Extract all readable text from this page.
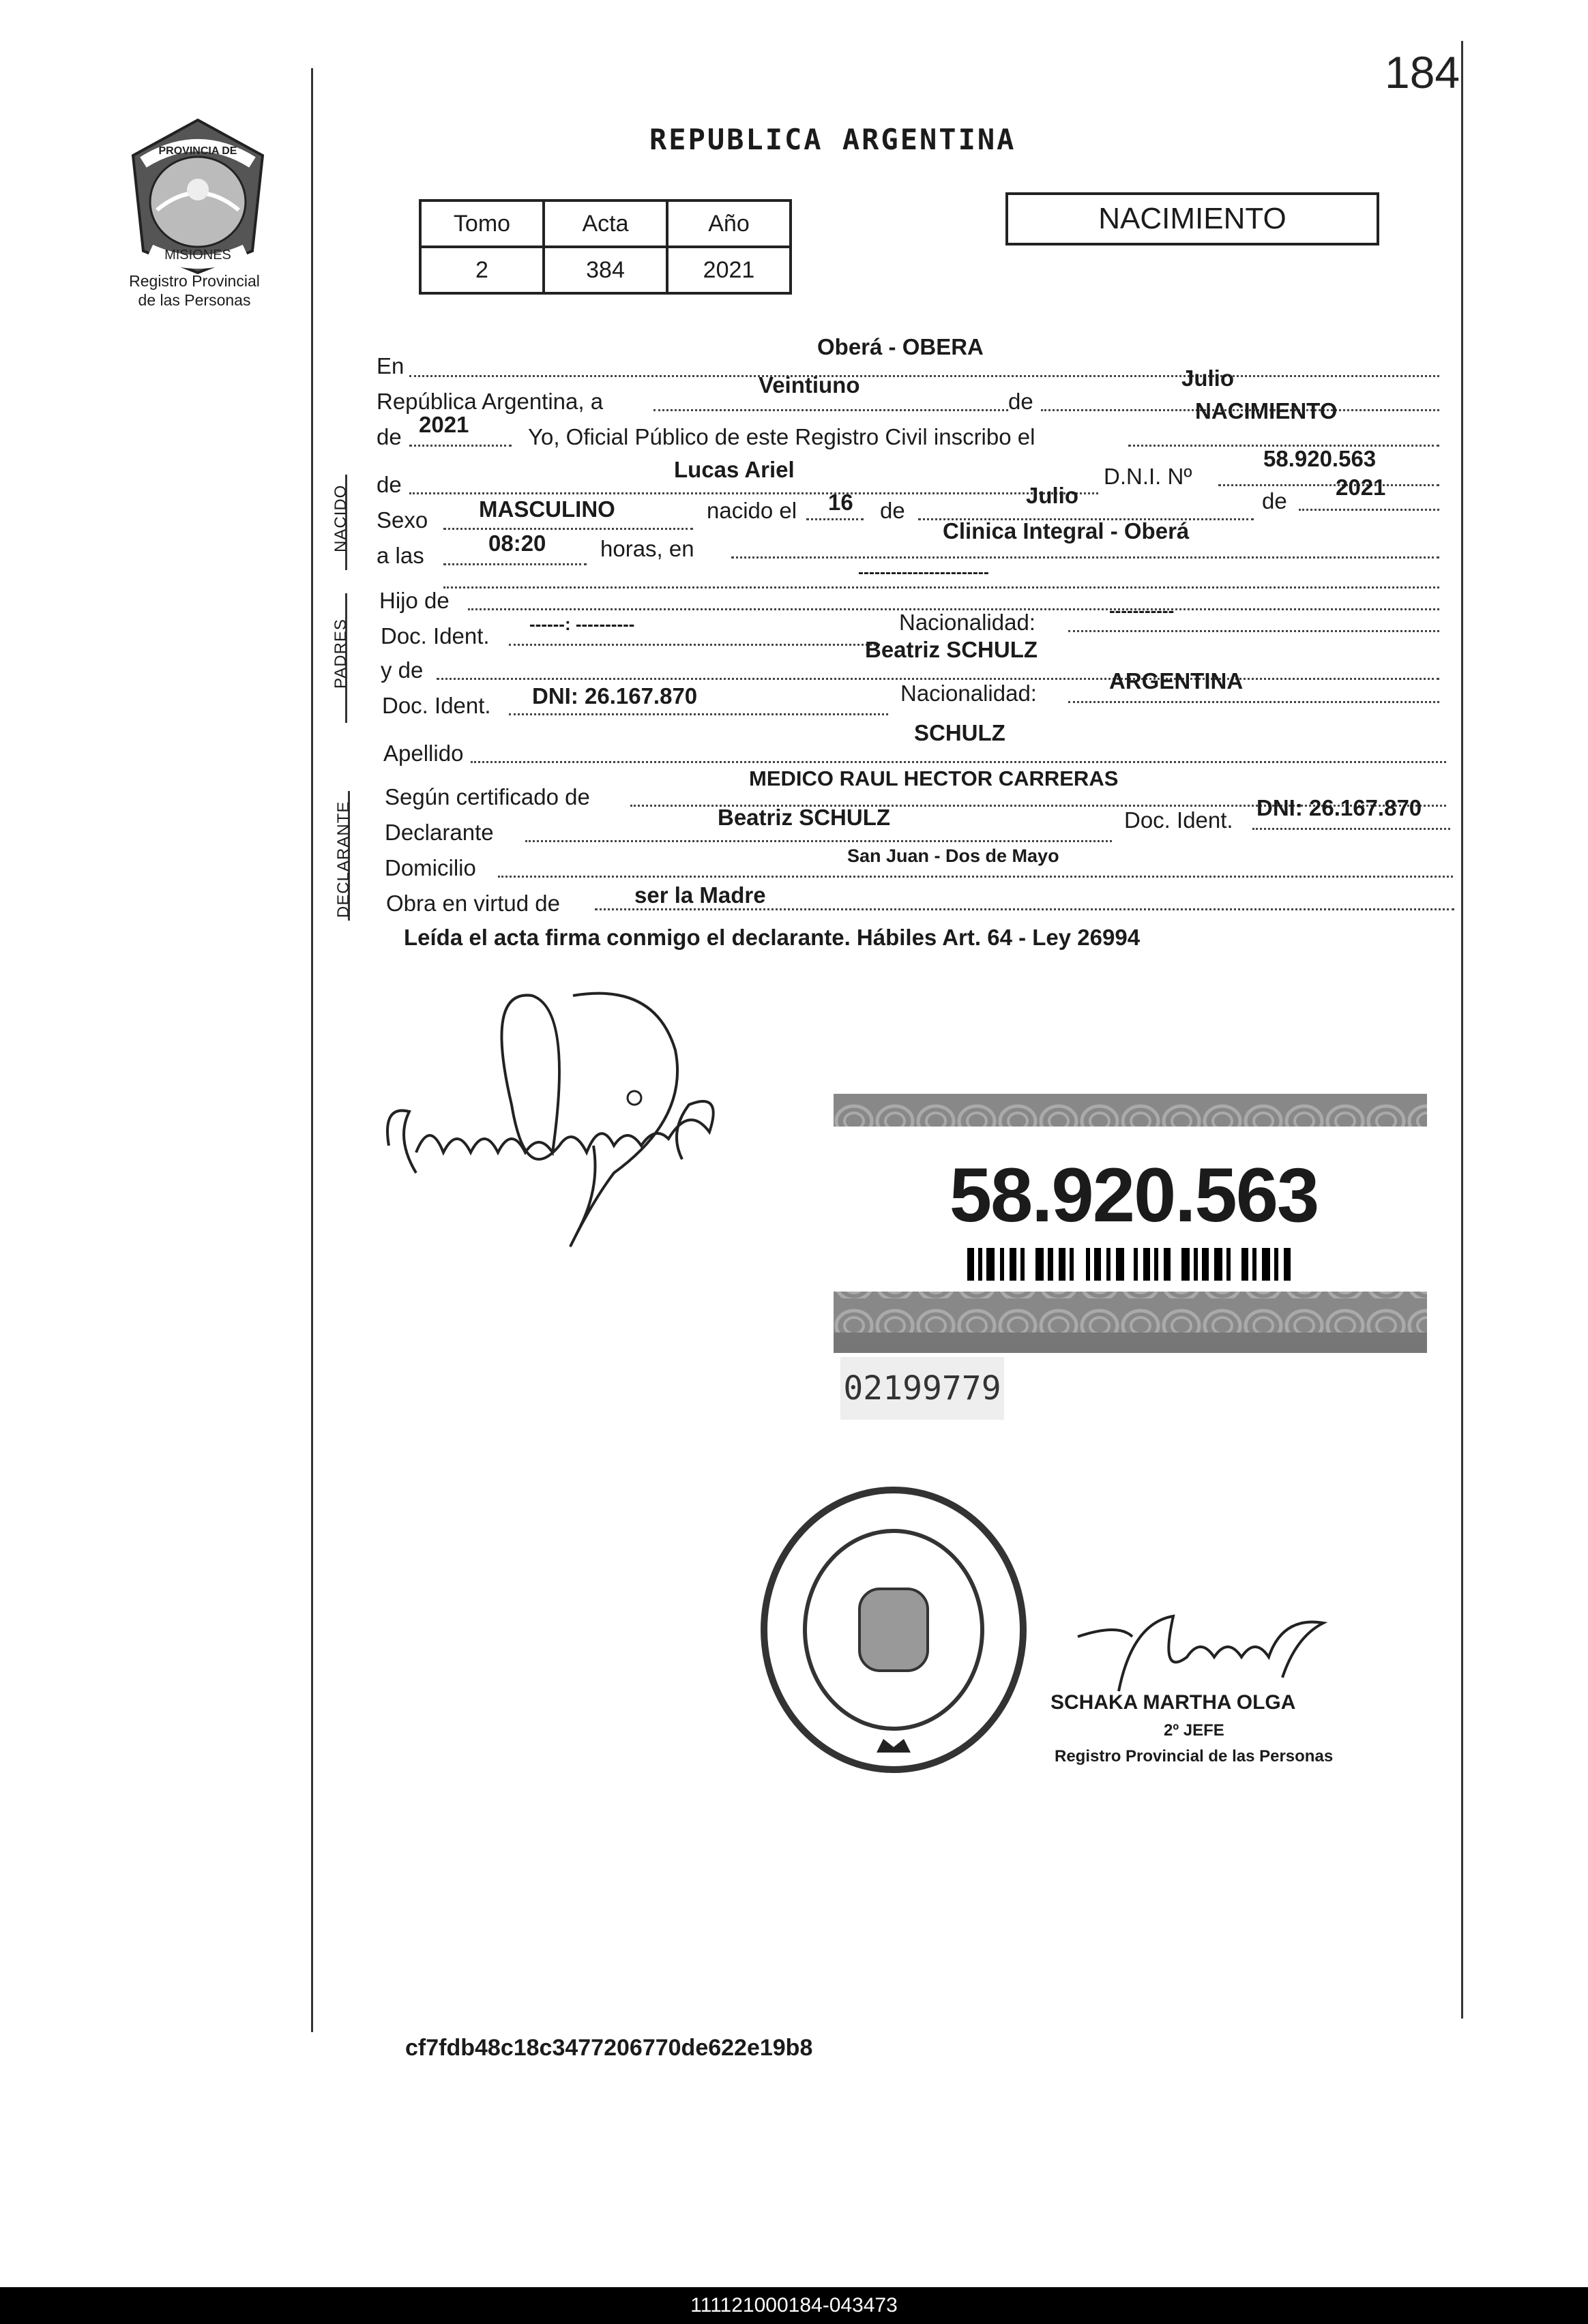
184
PROVINCIA DE
MISIONES
Registro Provincial
de las Personas
REPUBLICA ARGENTINA
Tomo	Acta	Año
2	384	2021
NACIMIENTO
En
Oberá - OBERA
República Argentina, a
Veintiuno
de
Julio
de 2021	Yo, Oficial Público de este Registro Civil inscribo el
NACIMIENTO
NACIDO
de
Lucas Ariel	D.N.I. Nº
58.920.563
Sexo MASCULINO	nacido el 16 de
Julio	de
2021
a las	08:20 horas, en
Clinica Integral - Oberá
PADRES
Hijo de
------------------------
Doc. Ident. ------: ----------	Nacionalidad:	-----------
y de
Beatriz SCHULZ
Doc. Ident. DNI: 26.167.870	Nacionalidad:	ARGENTINA
Apellido
SCHULZ
DECLARANTE
Según certificado de
MEDICO RAUL HECTOR CARRERAS
Declarante
Beatriz SCHULZ	Doc. Ident. DNI: 26.167.870
Domicilio	San Juan - Dos de Mayo
Obra en virtud de	ser la Madre
Leída el acta firma conmigo el declarante. Hábiles Art. 64 - Ley 26994
58.920.563
02199779
SCHAKA MARTHA OLGA
2º JEFE
Registro Provincial de las Personas
cf7fdb48c18c3477206770de622e19b8
111121000184-043473
